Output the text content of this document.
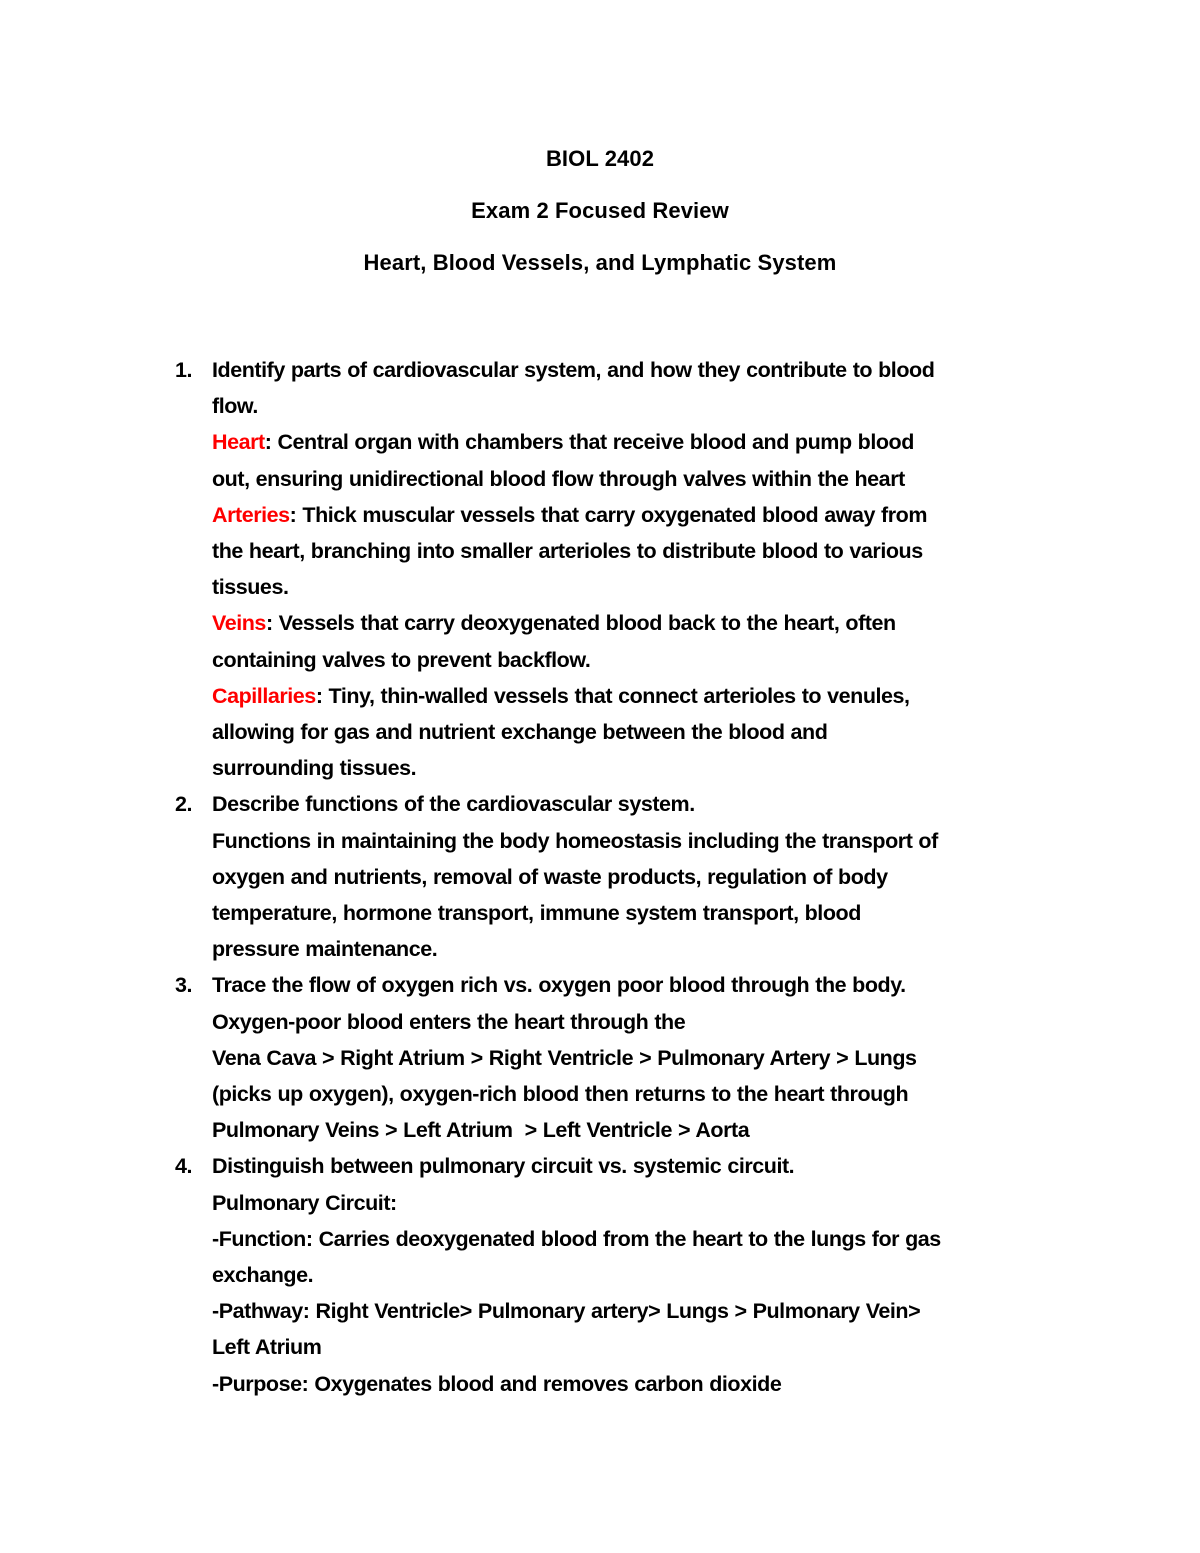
BIOL 2402
Exam 2 Focused Review
Heart, Blood Vessels, and Lymphatic System
1. Identify parts of cardiovascular system, and how they contribute to blood
flow.
Heart: Central organ with chambers that receive blood and pump blood
out, ensuring unidirectional blood flow through valves within the heart
Arteries: Thick muscular vessels that carry oxygenated blood away from
the heart, branching into smaller arterioles to distribute blood to various
tissues.
Veins: Vessels that carry deoxygenated blood back to the heart, often
containing valves to prevent backflow.
Capillaries: Tiny, thin-walled vessels that connect arterioles to venules,
allowing for gas and nutrient exchange between the blood and
surrounding tissues.
2. Describe functions of the cardiovascular system.
Functions in maintaining the body homeostasis including the transport of
oxygen and nutrients, removal of waste products, regulation of body
temperature, hormone transport, immune system transport, blood
pressure maintenance.
3. Trace the flow of oxygen rich vs. oxygen poor blood through the body.
Oxygen-poor blood enters the heart through the
Vena Cava > Right Atrium > Right Ventricle > Pulmonary Artery > Lungs
(picks up oxygen), oxygen-rich blood then returns to the heart through
Pulmonary Veins > Left Atrium  > Left Ventricle > Aorta
4. Distinguish between pulmonary circuit vs. systemic circuit.
Pulmonary Circuit:
-Function: Carries deoxygenated blood from the heart to the lungs for gas
exchange.
-Pathway: Right Ventricle> Pulmonary artery> Lungs > Pulmonary Vein>
Left Atrium
-Purpose: Oxygenates blood and removes carbon dioxide
